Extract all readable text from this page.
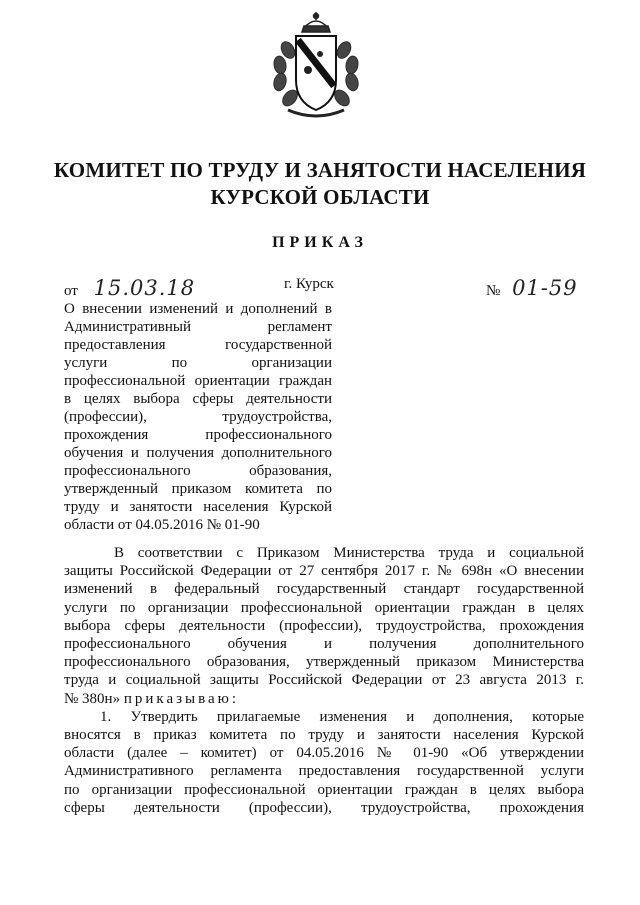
КОМИТЕТ ПО ТРУДУ И ЗАНЯТОСТИ НАСЕЛЕНИЯ
КУРСКОЙ ОБЛАСТИ
ПРИКАЗ
от 15.03.18	г. Курск	№ 01-59
О внесении изменений и дополнений в
Административный регламент
предоставления государственной
услуги по организации
профессиональной ориентации граждан
в целях выбора сферы деятельности
(профессии), трудоустройства,
прохождения профессионального
обучения и получения дополнительного
профессионального образования,
утвержденный приказом комитета по
труду и занятости населения Курской
области от 04.05.2016 № 01-90
В соответствии с Приказом Министерства труда и социальной
защиты Российской Федерации от 27 сентября 2017 г. № 698н «О внесении
изменений в федеральный государственный стандарт государственной
услуги по организации профессиональной ориентации граждан в целях
выбора сферы деятельности (профессии), трудоустройства, прохождения
профессионального обучения и получения дополнительного
профессионального образования, утвержденный приказом Министерства
труда и социальной защиты Российской Федерации от 23 августа 2013 г.
№ 380н» приказываю:
1. Утвердить прилагаемые изменения и дополнения, которые
вносятся в приказ комитета по труду и занятости населения Курской
области (далее – комитет) от 04.05.2016 № 01-90 «Об утверждении
Административного регламента предоставления государственной услуги
по организации профессиональной ориентации граждан в целях выбора
сферы деятельности (профессии), трудоустройства, прохождения
